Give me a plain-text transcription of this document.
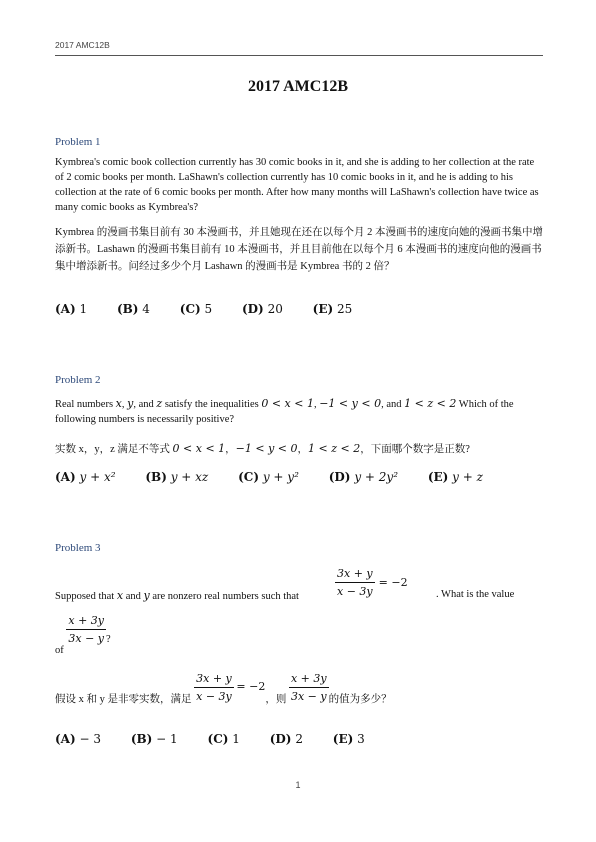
2017 AMC12B
2017 AMC12B
Problem 1

Kymbrea's comic book collection currently has 30 comic books in it, and she is adding to her collection at the rate of 2 comic books per month. LaShawn's collection currently has 10 comic books in it, and he is adding to his collection at the rate of 6 comic books per month. After how many months will LaShawn's collection have twice as many comic books as Kymbrea's?

Kymbrea 的漫画书集目前有 30 本漫画书，并且她现在还在以每个月 2 本漫画书的速度向她的漫画书集中增添新书。Lashawn 的漫画书集目前有 10 本漫画书，并且目前他在以每个月 6 本漫画书的速度向他的漫画书集中增添新书。问经过多少个月 Lashawn 的漫画书是 Kymbrea 书的 2 倍？

(A) 1 (B) 4 (C) 5 (D) 20 (E) 25
Problem 2

Real numbers x, y, and z satisfy the inequalities 0 < x < 1, −1 < y < 0, and 1 < z < 2 Which of the following numbers is necessarily positive?

实数 x，y，z 满足不等式 0 < x < 1，−1 < y < 0，1 < z < 2，下面哪个数字是正数?

(A) y + x² (B) y + xz (C) y + y² (D) y + 2y² (E) y + z
Problem 3
Supposed that x and y are nonzero real numbers such that	$\frac{3x + y}{x - 3y} = -2$
. What is the value
of
$\frac{x + 3y}{3x - y}$ ?
假设 x 和 y 是非零实数，满足 $\frac{3x + y}{x - 3y} = -2$，则 $\frac{x + 3y}{3x - y}$ 的值为多少？
(A) − 3 (B) − 1 (C) 1 (D) 2 (E) 3
1
